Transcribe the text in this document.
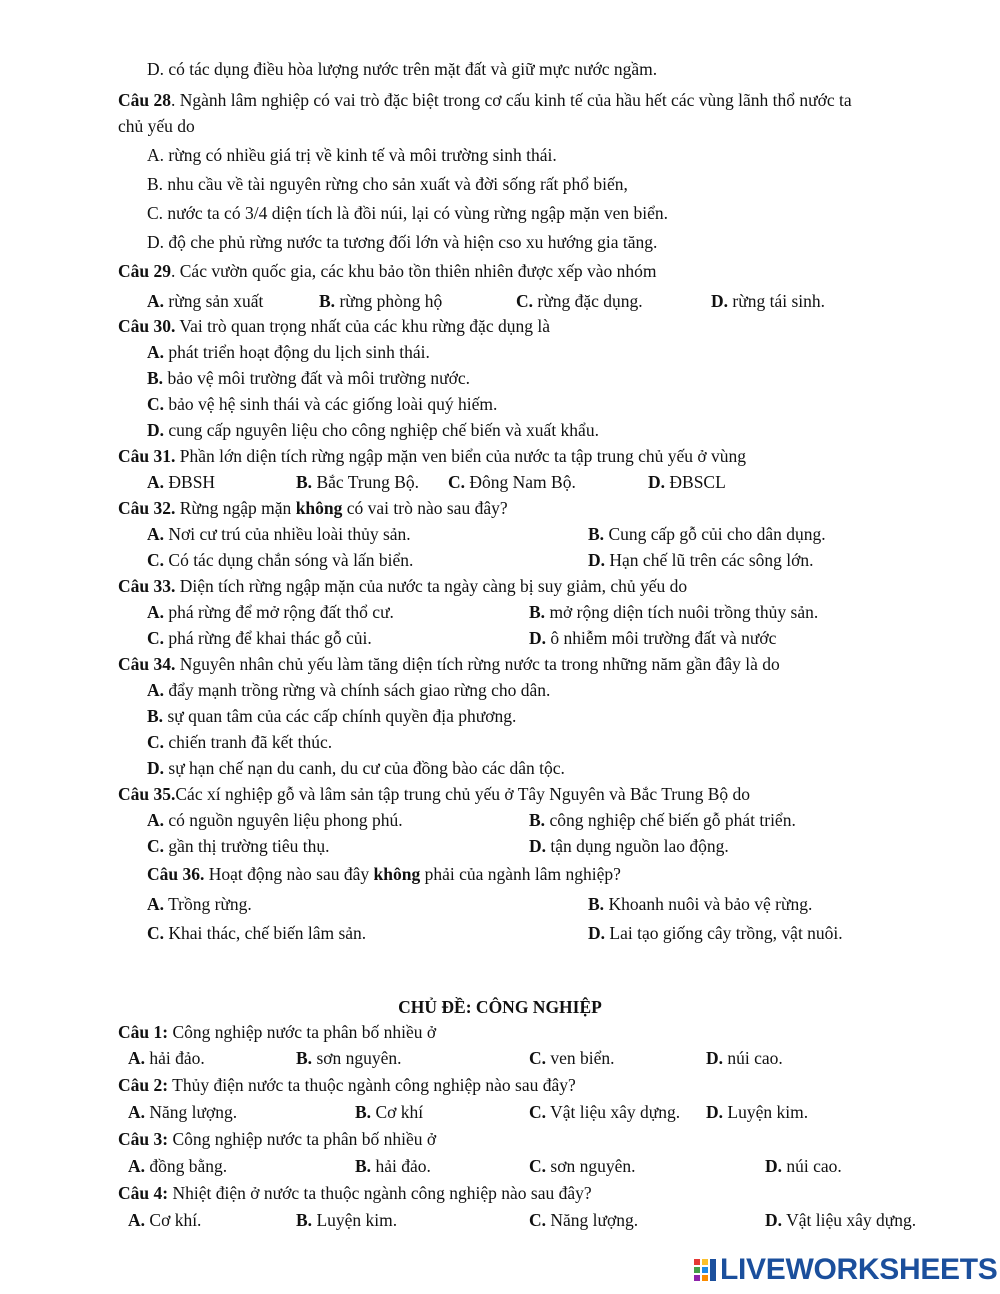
D. có tác dụng điều hòa lượng nước trên mặt đất và giữ mực nước ngầm.
Câu 28. Ngành lâm nghiệp có vai trò đặc biệt trong cơ cấu kinh tế của hầu hết các vùng lãnh thổ nước ta
chủ yếu do
A. rừng có nhiều giá trị về kinh tế và môi trường sinh thái.
B. nhu cầu về tài nguyên rừng cho sản xuất và đời sống rất phổ biến,
C. nước ta có 3/4 diện tích là đồi núi, lại có vùng rừng ngập mặn ven biển.
D. độ che phủ rừng nước ta tương đối lớn và hiện cso xu hướng gia tăng.
Câu 29. Các vườn quốc gia, các khu bảo tồn thiên nhiên được xếp vào nhóm
A. rừng sản xuất	B. rừng phòng hộ	C. rừng đặc dụng.	D. rừng tái sinh.
Câu 30. Vai trò quan trọng nhất của các khu rừng đặc dụng là
A. phát triển hoạt động du lịch sinh thái.
B. bảo vệ môi trường đất và môi trường nước.
C. bảo vệ hệ sinh thái và các giống loài quý hiếm.
D. cung cấp nguyên liệu cho công nghiệp chế biến và xuất khẩu.
Câu 31. Phần lớn diện tích rừng ngập mặn ven biển của nước ta tập trung chủ yếu ở vùng
A. ĐBSH	B. Bắc Trung Bộ. C. Đông Nam Bộ.	D. ĐBSCL
Câu 32. Rừng ngập mặn không có vai trò nào sau đây?
A. Nơi cư trú của nhiều loài thủy sản.	B. Cung cấp gỗ củi cho dân dụng.
C. Có tác dụng chắn sóng và lấn biển.	D. Hạn chế lũ trên các sông lớn.
Câu 33. Diện tích rừng ngập mặn của nước ta ngày càng bị suy giảm, chủ yếu do
A. phá rừng để mở rộng đất thổ cư.	B. mở rộng diện tích nuôi trồng thủy sản.
C. phá rừng để khai thác gỗ củi.	D. ô nhiễm môi trường đất và nước
Câu 34. Nguyên nhân chủ yếu làm tăng diện tích rừng nước ta trong những năm gần đây là do
A. đẩy mạnh trồng rừng và chính sách giao rừng cho dân.
B. sự quan tâm của các cấp chính quyền địa phương.
C. chiến tranh đã kết thúc.
D. sự hạn chế nạn du canh, du cư của đồng bào các dân tộc.
Câu 35.Các xí nghiệp gỗ và lâm sản tập trung chủ yếu ở Tây Nguyên và Bắc Trung Bộ do
A. có nguồn nguyên liệu phong phú.	B. công nghiệp chế biến gỗ phát triển.
C. gần thị trường tiêu thụ.	D. tận dụng nguồn lao động.
Câu 36. Hoạt động nào sau đây không phải của ngành lâm nghiệp?
A. Trồng rừng.	B. Khoanh nuôi và bảo vệ rừng.
C. Khai thác, chế biến lâm sản.	D. Lai tạo giống cây trồng, vật nuôi.
CHỦ ĐỀ: CÔNG NGHIỆP
Câu 1: Công nghiệp nước ta phân bố nhiều ở
A. hải đảo.	B. sơn nguyên.	C. ven biển.	D. núi cao.
Câu 2: Thủy điện nước ta thuộc ngành công nghiệp nào sau đây?
A. Năng lượng.	B. Cơ khí	C. Vật liệu xây dựng. D. Luyện kim.
Câu 3: Công nghiệp nước ta phân bố nhiều ở
A. đồng bằng.	B. hải đảo.	C. sơn nguyên.	D. núi cao.
Câu 4: Nhiệt điện ở nước ta thuộc ngành công nghiệp nào sau đây?
A. Cơ khí.	B. Luyện kim.	C. Năng lượng.	D. Vật liệu xây dựng.
LIVEWORKSHEETS
